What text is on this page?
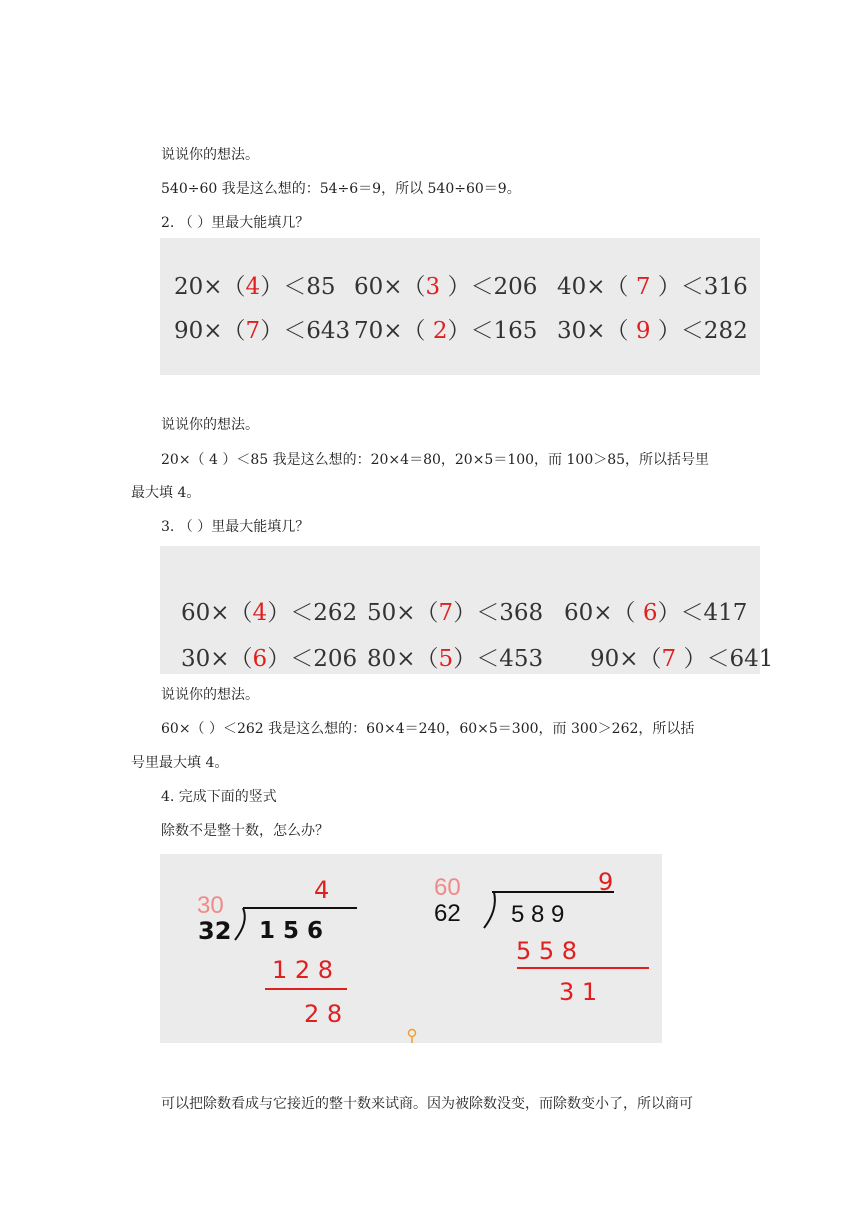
说说你的想法。
540÷60 我是这么想的：54÷6＝9，所以 540÷60＝9。
2. （ ）里最大能填几？
20×（4）＜85 60×（3 ）＜206 40×（ 7 ）＜316
90×（7）＜643 70×（ 2）＜165 30×（ 9 ）＜282
说说你的想法。
20×（ 4 ）＜85 我是这么想的：20×4＝80，20×5＝100，而 100＞85，所以括号里
最大填 4。
3. （ ）里最大能填几？
60×（4）＜262 50×（7）＜368 60×（ 6）＜417
30×（6）＜206 80×（5）＜453 90×（7 ）＜641
说说你的想法。
60×（ ）＜262 我是这么想的：60×4＝240，60×5＝300，而 300＞262，所以括
号里最大填 4。
4. 完成下面的竖式
除数不是整十数，怎么办？
30
4
32 1 5 6
1 2 8
2 8
60	9
62 5 8 9
5 5 8
3 1
可以把除数看成与它接近的整十数来试商。因为被除数没变，而除数变小了，所以商可
